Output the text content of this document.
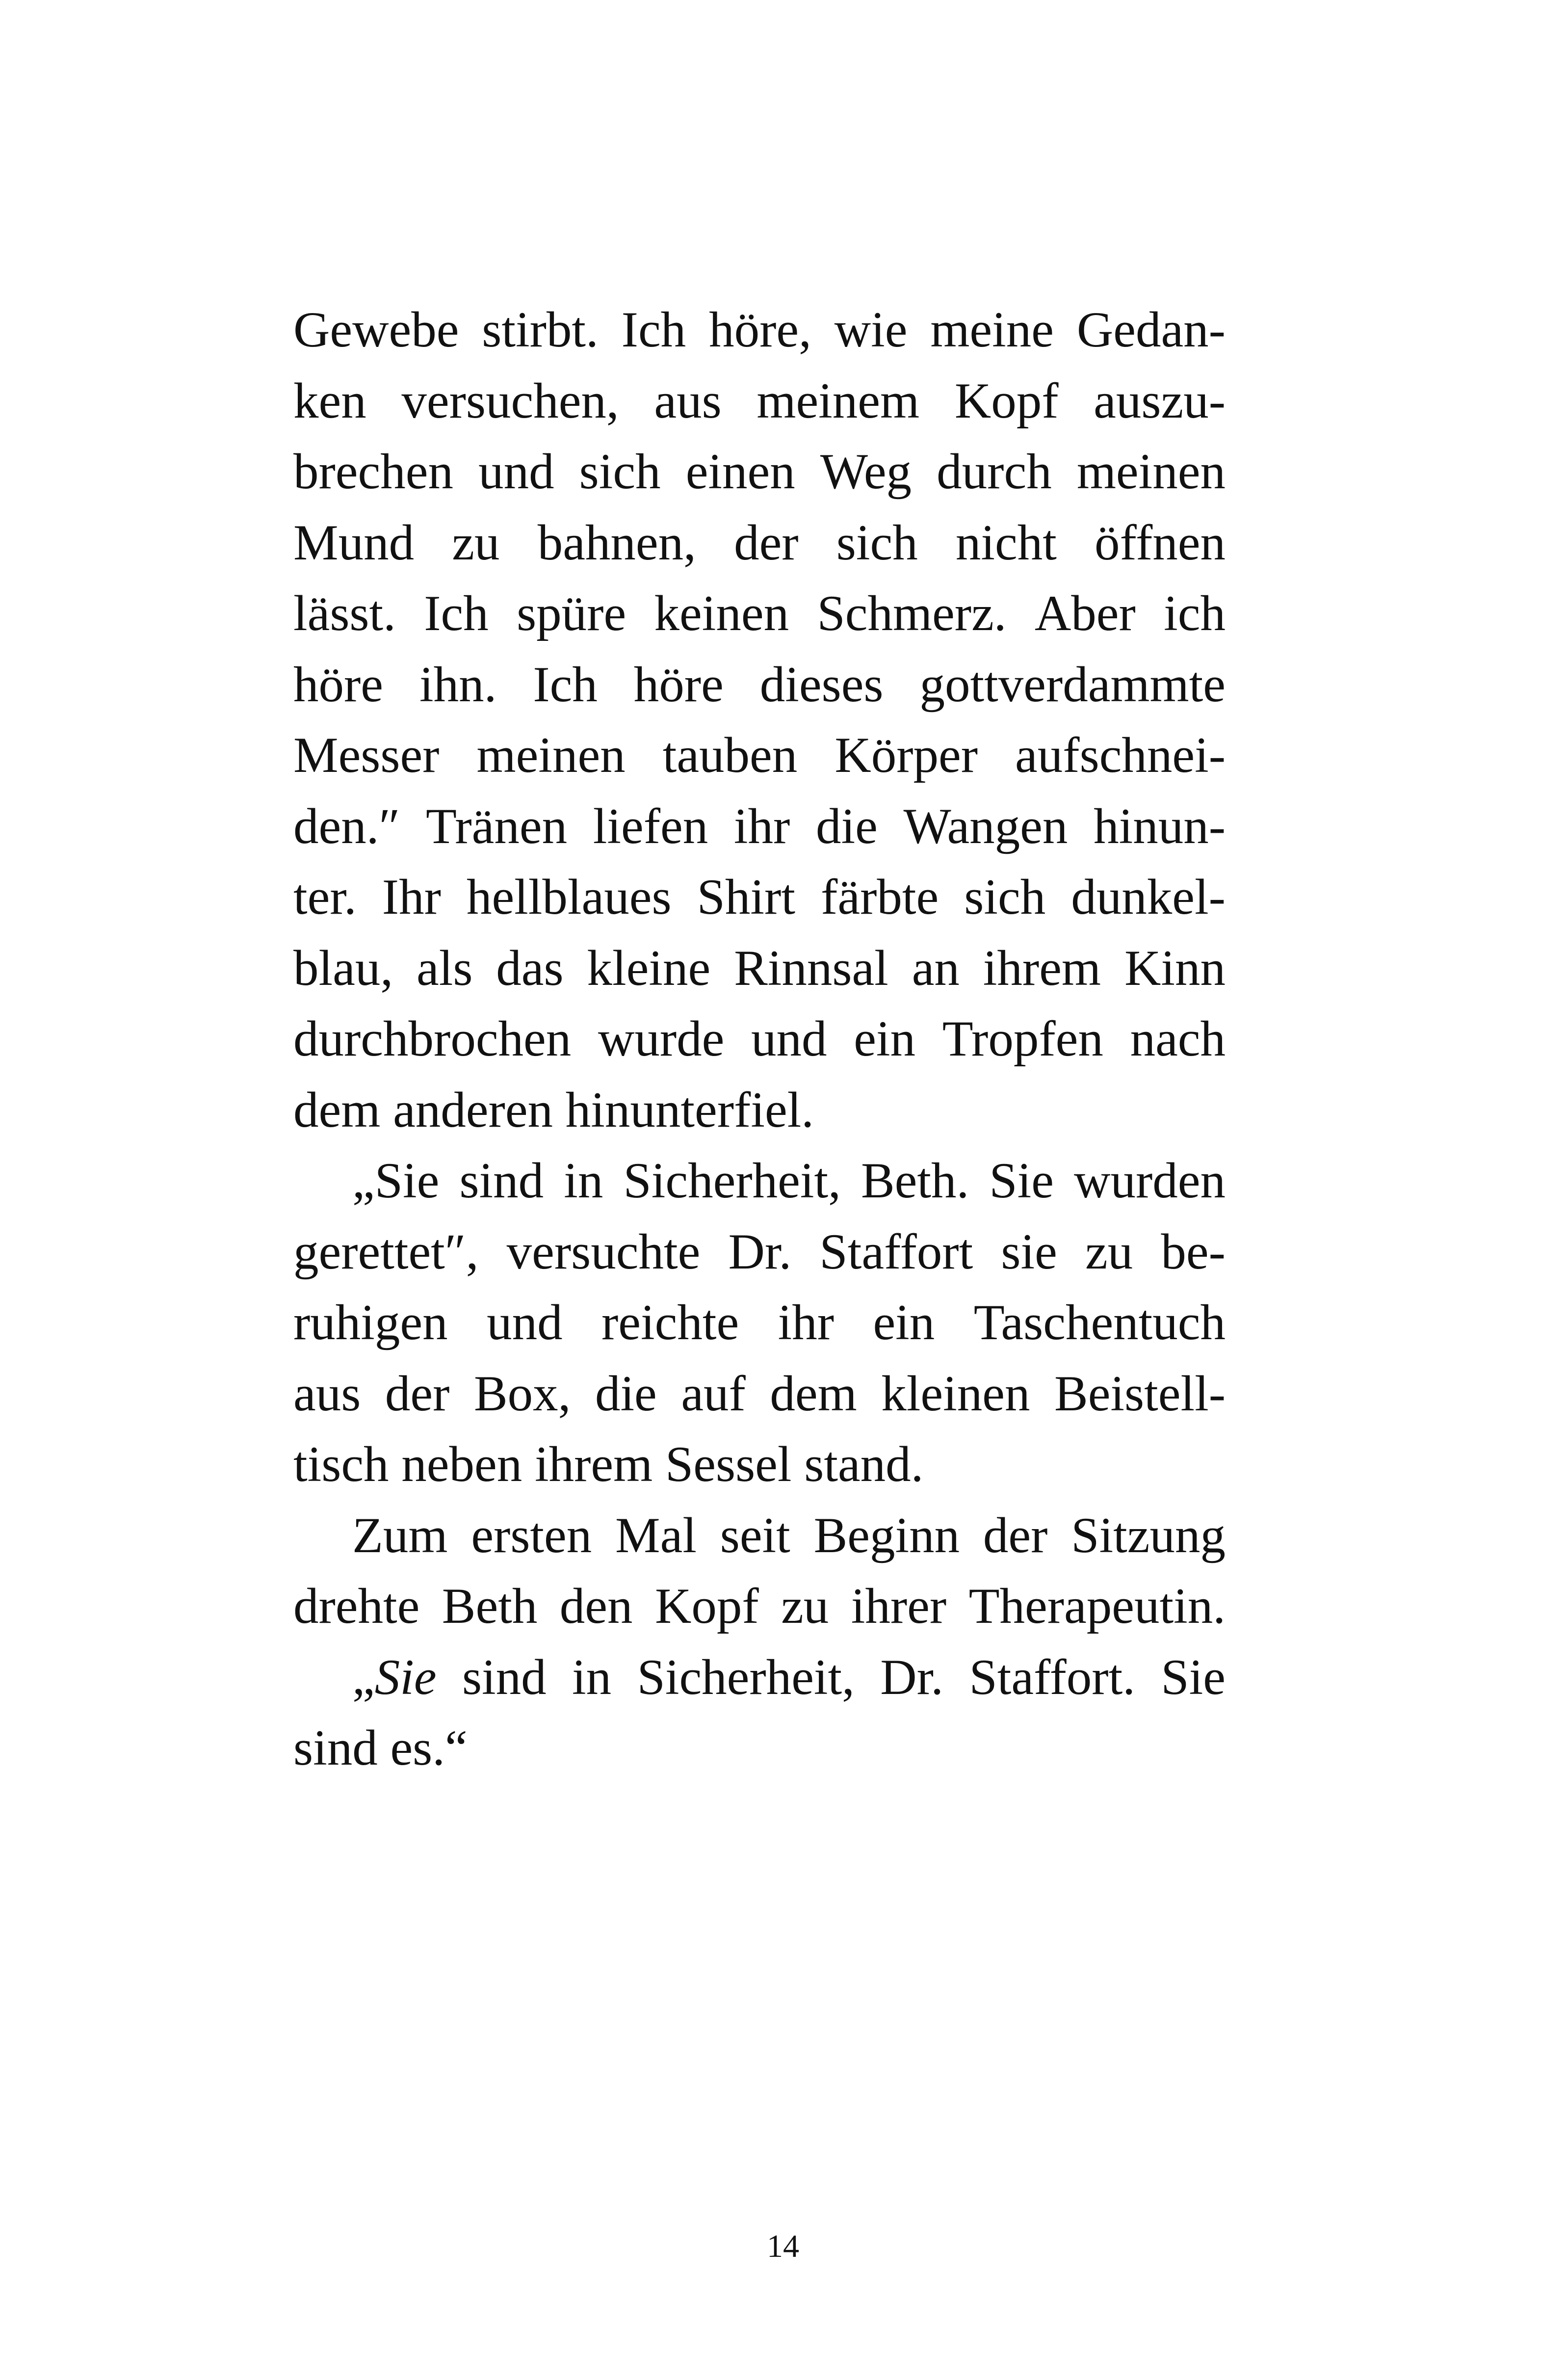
Gewebe stirbt. Ich höre, wie meine Gedan-
ken versuchen, aus meinem Kopf auszu-
brechen und sich einen Weg durch meinen
Mund zu bahnen, der sich nicht öffnen
lässt. Ich spüre keinen Schmerz. Aber ich
höre ihn. Ich höre dieses gottverdammte
Messer meinen tauben Körper aufschnei-
den.″ Tränen liefen ihr die Wangen hinun-
ter. Ihr hellblaues Shirt färbte sich dunkel-
blau, als das kleine Rinnsal an ihrem Kinn
durchbrochen wurde und ein Tropfen nach
dem anderen hinunterfiel.
„Sie sind in Sicherheit, Beth. Sie wurden
gerettet″, versuchte Dr. Staffort sie zu be-
ruhigen und reichte ihr ein Taschentuch
aus der Box, die auf dem kleinen Beistell-
tisch neben ihrem Sessel stand.
Zum ersten Mal seit Beginn der Sitzung
drehte Beth den Kopf zu ihrer Therapeutin.
„Sie sind in Sicherheit, Dr. Staffort. Sie
sind es.“
14
